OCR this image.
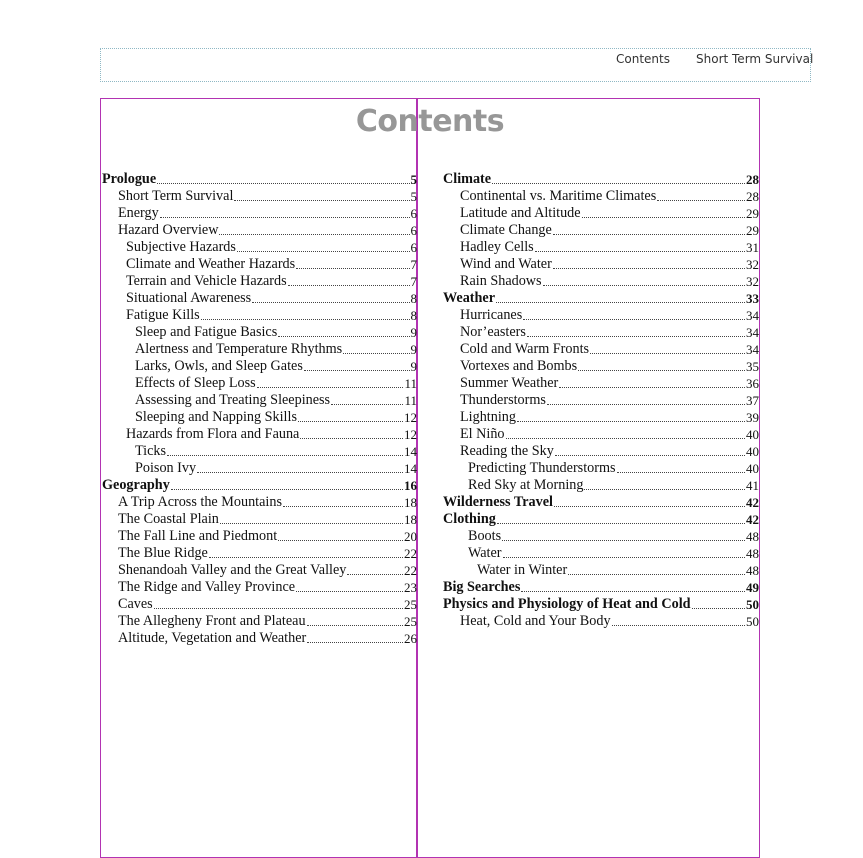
Contents Short Term Survival
Contents
Prologue	5
Short Term Survival	5
Energy	6
Hazard Overview	6
Subjective Hazards	6
Climate and Weather Hazards	7
Terrain and Vehicle Hazards	7
Situational Awareness	8
Fatigue Kills	8
Sleep and Fatigue Basics	9
Alertness and Temperature Rhythms	9
Larks, Owls, and Sleep Gates	9
Effects of Sleep Loss	11
Assessing and Treating Sleepiness	11
Sleeping and Napping Skills	12
Hazards from Flora and Fauna	12
Ticks	14
Poison Ivy	14
Geography	16
A Trip Across the Mountains	18
The Coastal Plain	18
The Fall Line and Piedmont	20
The Blue Ridge	22
Shenandoah Valley and the Great Valley	22
The Ridge and Valley Province	23
Caves	25
The Allegheny Front and Plateau	25
Altitude, Vegetation and Weather	26
Climate	28
Continental vs. Maritime Climates	28
Latitude and Altitude	29
Climate Change	29
Hadley Cells	31
Wind and Water	32
Rain Shadows	32
Weather	33
Hurricanes	34
Nor’easters	34
Cold and Warm Fronts	34
Vortexes and Bombs	35
Summer Weather	36
Thunderstorms	37
Lightning	39
El Niño	40
Reading the Sky	40
Predicting Thunderstorms	40
Red Sky at Morning	41
Wilderness Travel	42
Clothing	42
Boots	48
Water	48
Water in Winter	48
Big Searches	49
Physics and Physiology of Heat and Cold	50
Heat, Cold and Your Body	50
